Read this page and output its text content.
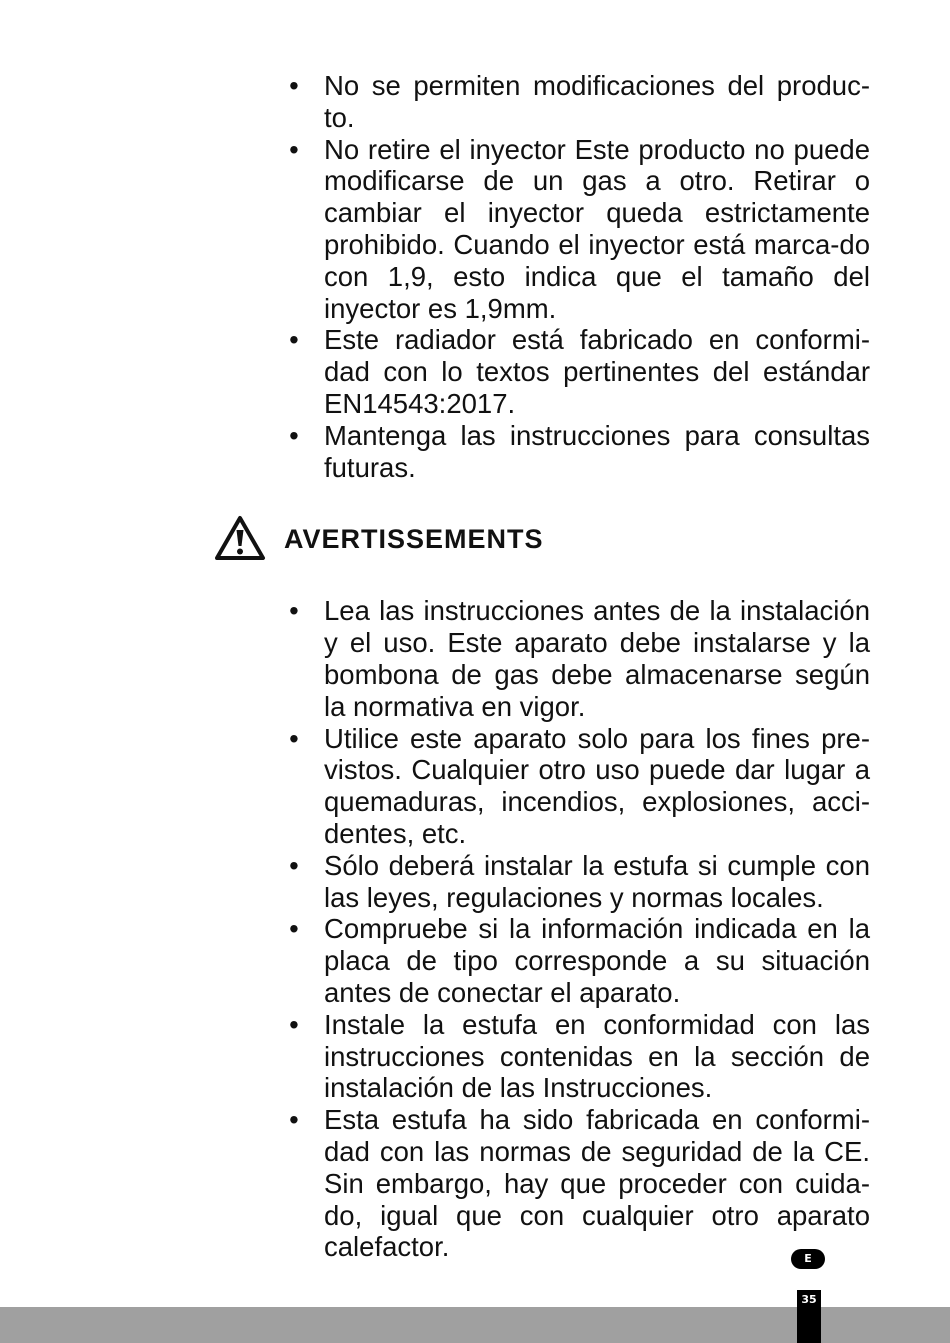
• No se permiten modificaciones del produc-to.
• No retire el inyector Este producto no puede modificarse de un gas a otro. Retirar o cambiar el inyector queda estrictamente prohibido. Cuando el inyector está marca-do con 1,9, esto indica que el tamaño del inyector es 1,9mm.
• Este radiador está fabricado en conformi-dad con lo textos pertinentes del estándar EN14543:2017.
• Mantenga las instrucciones para consultas futuras.
AVERTISSEMENTS
• Lea las instrucciones antes de la instalación y el uso. Este aparato debe instalarse y la bombona de gas debe almacenarse según la normativa en vigor.
• Utilice este aparato solo para los fines pre-vistos. Cualquier otro uso puede dar lugar a quemaduras, incendios, explosiones, acci-dentes, etc.
• Sólo deberá instalar la estufa si cumple con las leyes, regulaciones y normas locales.
• Compruebe si la información indicada en la placa de tipo corresponde a su situación antes de conectar el aparato.
• Instale la estufa en conformidad con las instrucciones contenidas en la sección de instalación de las Instrucciones.
• Esta estufa ha sido fabricada en conformi-dad con las normas de seguridad de la CE. Sin embargo, hay que proceder con cuida-do, igual que con cualquier otro aparato calefactor.	E
35
